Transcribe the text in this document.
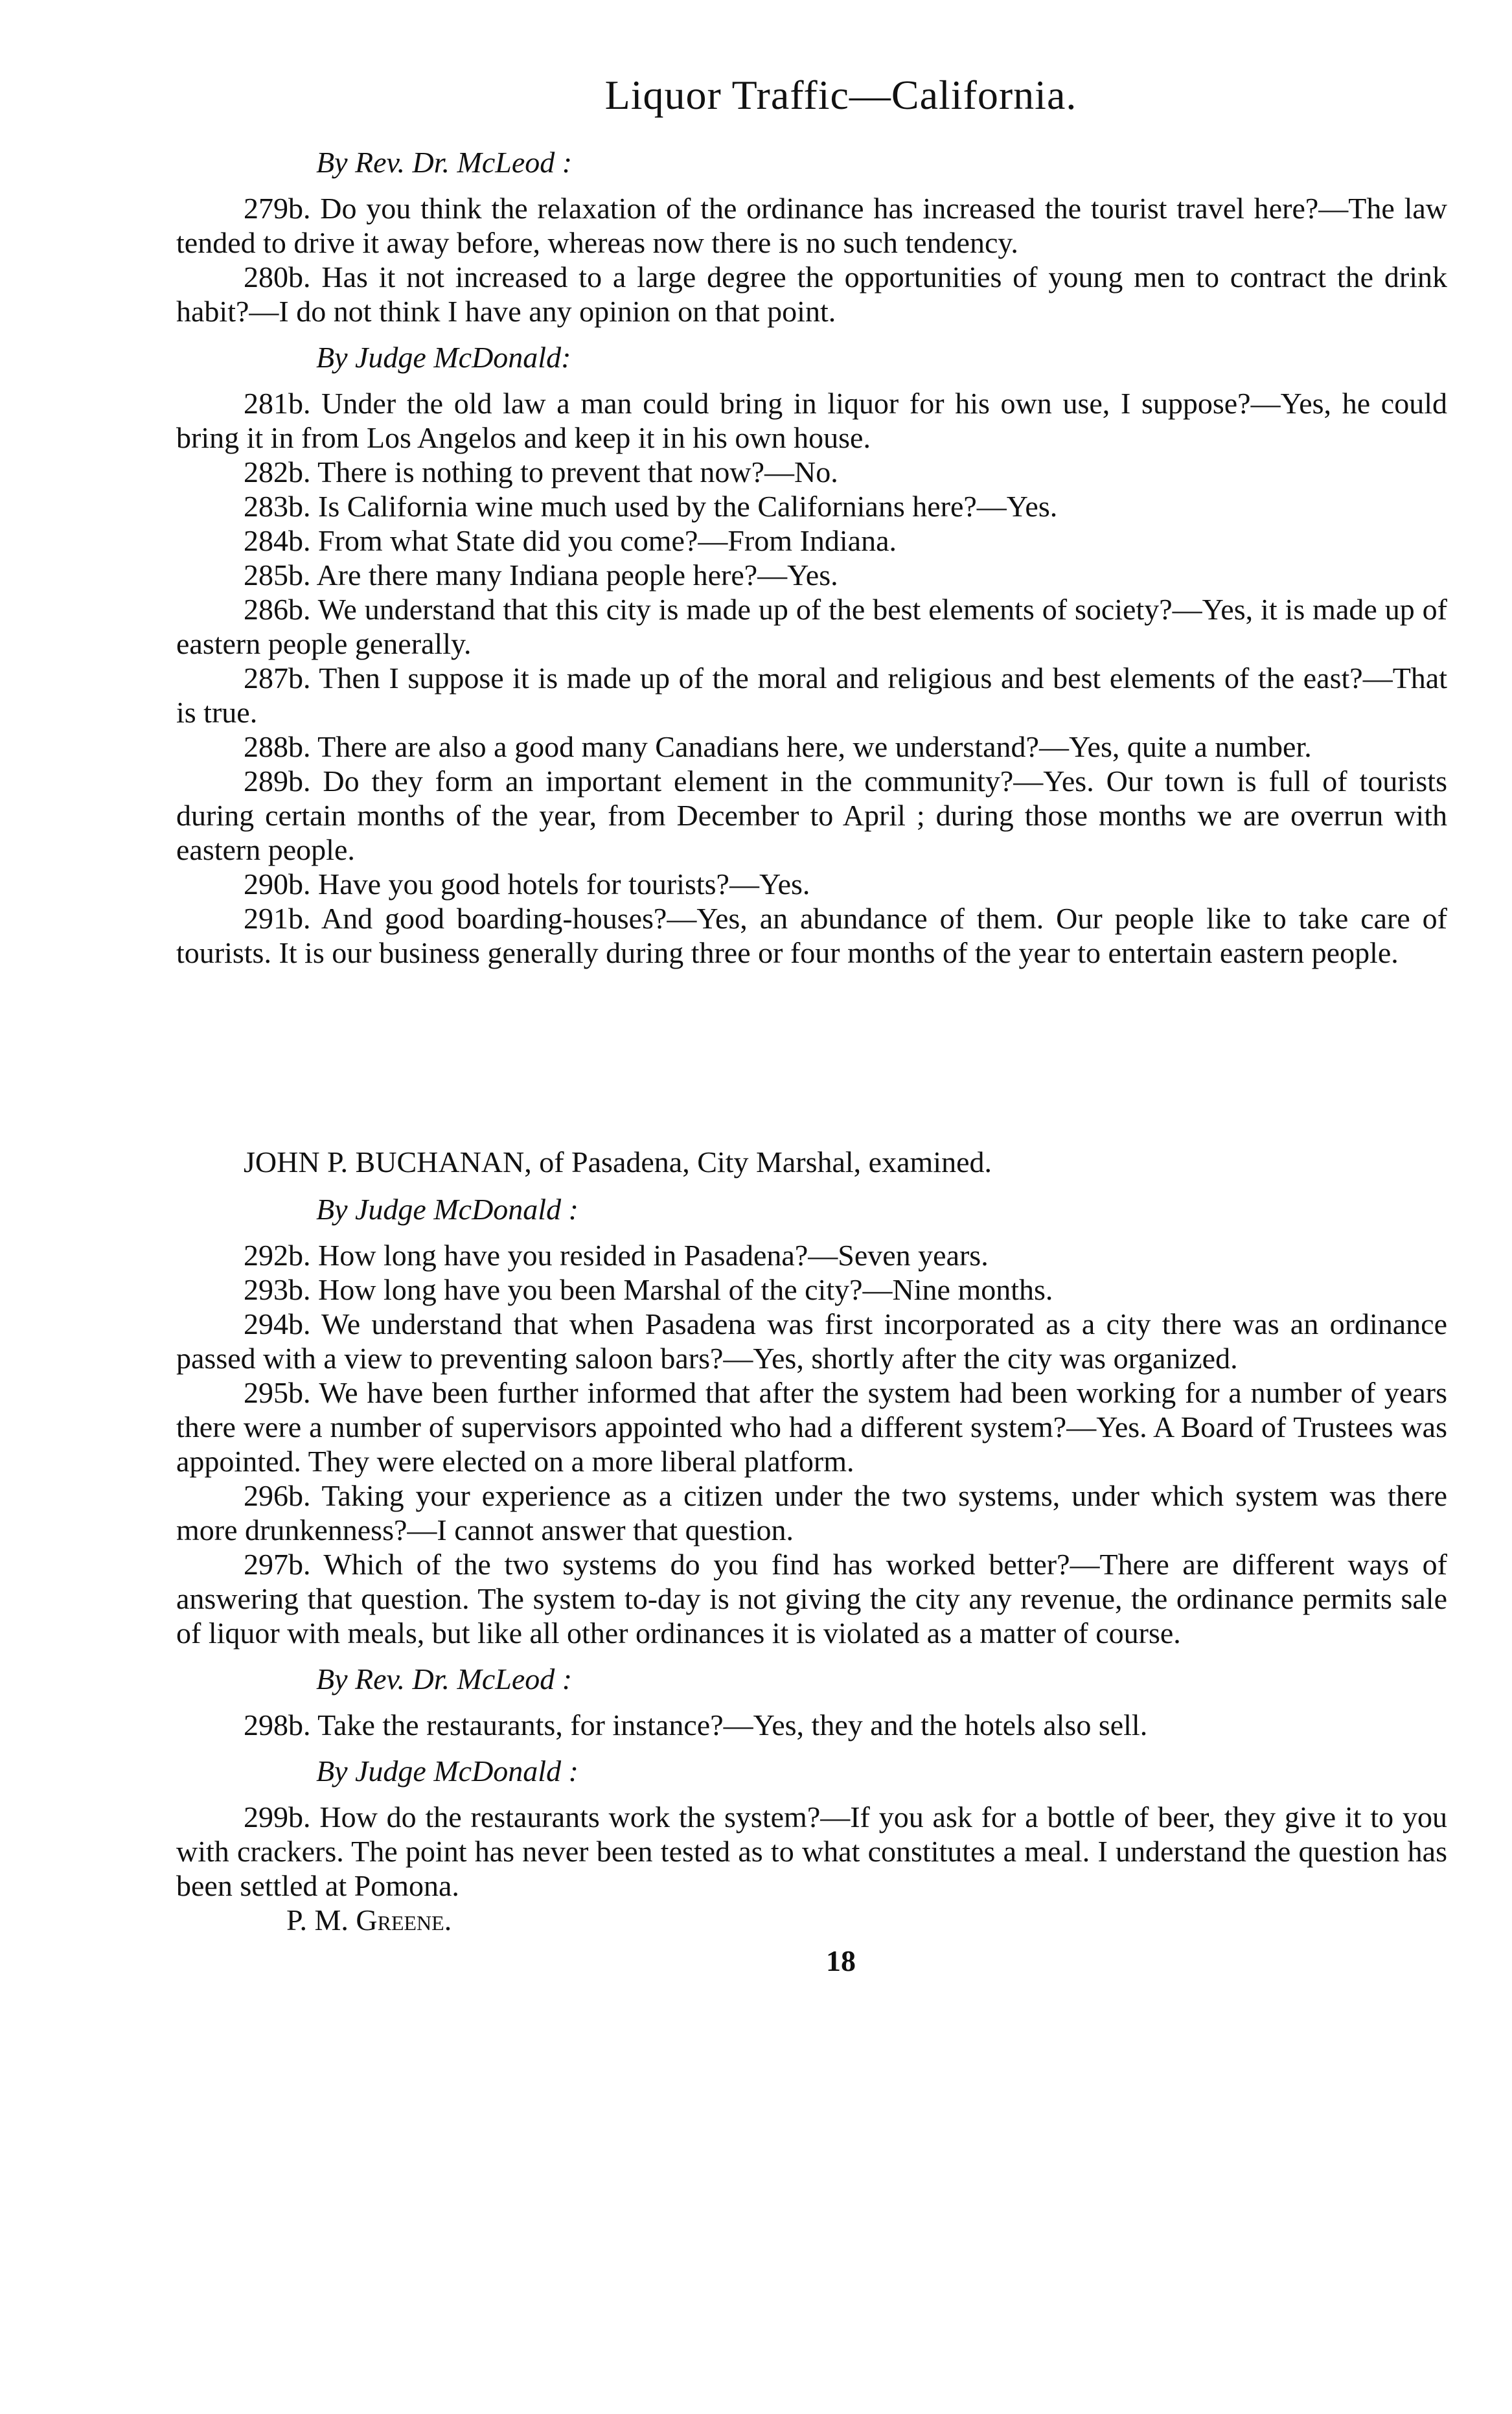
Liquor Traffic—California.
By Rev. Dr. McLeod :

279b. Do you think the relaxation of the ordinance has increased the tourist travel here?—The law tended to drive it away before, whereas now there is no such tendency.

280b. Has it not increased to a large degree the opportunities of young men to contract the drink habit?—I do not think I have any opinion on that point.

By Judge McDonald:

281b. Under the old law a man could bring in liquor for his own use, I suppose?—Yes, he could bring it in from Los Angelos and keep it in his own house.

282b. There is nothing to prevent that now?—No.

283b. Is California wine much used by the Californians here?—Yes.

284b. From what State did you come?—From Indiana.

285b. Are there many Indiana people here?—Yes.

286b. We understand that this city is made up of the best elements of society?—Yes, it is made up of eastern people generally.

287b. Then I suppose it is made up of the moral and religious and best elements of the east?—That is true.

288b. There are also a good many Canadians here, we understand?—Yes, quite a number.

289b. Do they form an important element in the community?—Yes. Our town is full of tourists during certain months of the year, from December to April ; during those months we are overrun with eastern people.

290b. Have you good hotels for tourists?—Yes.

291b. And good boarding-houses?—Yes, an abundance of them. Our people like to take care of tourists. It is our business generally during three or four months of the year to entertain eastern people.

JOHN P. BUCHANAN, of Pasadena, City Marshal, examined.

By Judge McDonald :

292b. How long have you resided in Pasadena?—Seven years.

293b. How long have you been Marshal of the city?—Nine months.

294b. We understand that when Pasadena was first incorporated as a city there was an ordinance passed with a view to preventing saloon bars?—Yes, shortly after the city was organized.

295b. We have been further informed that after the system had been working for a number of years there were a number of supervisors appointed who had a different system?—Yes. A Board of Trustees was appointed. They were elected on a more liberal platform.

296b. Taking your experience as a citizen under the two systems, under which system was there more drunkenness?—I cannot answer that question.

297b. Which of the two systems do you find has worked better?—There are different ways of answering that question. The system to-day is not giving the city any revenue, the ordinance permits sale of liquor with meals, but like all other ordinances it is violated as a matter of course.

By Rev. Dr. McLeod :

298b. Take the restaurants, for instance?—Yes, they and the hotels also sell.

By Judge McDonald :

299b. How do the restaurants work the system?—If you ask for a bottle of beer, they give it to you with crackers. The point has never been tested as to what constitutes a meal. I understand the question has been settled at Pomona.

P. M. Greene.
18
